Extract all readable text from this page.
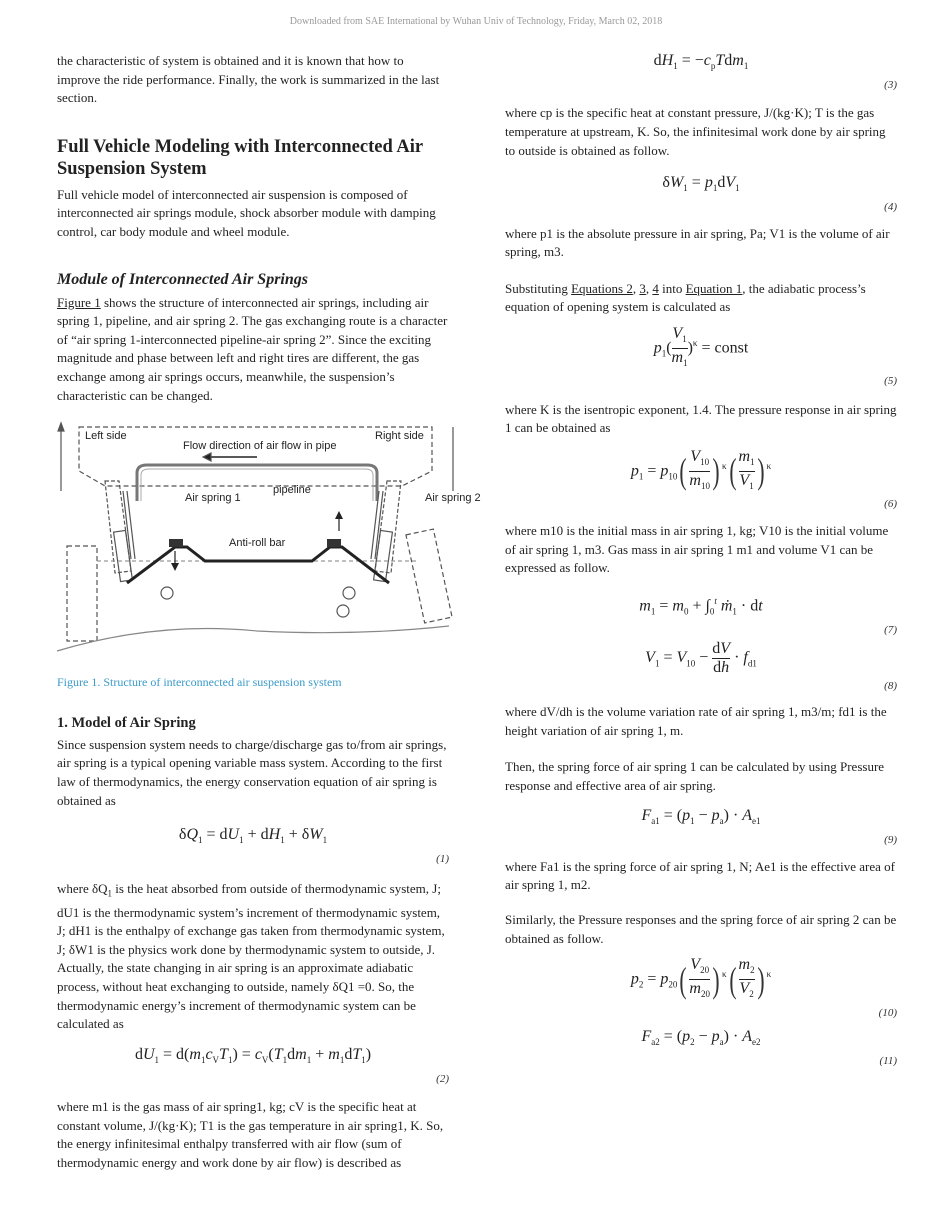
Downloaded from SAE International by Wuhan Univ of Technology, Friday, March 02, 2018

the characteristic of system is obtained and it is known that how to improve the ride performance. Finally, the work is summarized in the last section.

Full Vehicle Modeling with Interconnected Air Suspension System

Full vehicle model of interconnected air suspension is composed of interconnected air springs module, shock absorber module with damping control, car body module and wheel module.

Module of Interconnected Air Springs

Figure 1 shows the structure of interconnected air springs, including air spring 1, pipeline, and air spring 2. The gas exchanging route is a character of “air spring 1-interconnected pipeline-air spring 2”. Since the exciting magnitude and phase between left and right tires are different, the gas exchange among air springs occurs, meanwhile, the suspension’s characteristic can be changed.

Left side	Right side
Flow direction of air flow in pipe
pipeline
Air spring 1	Air spring 2
Anti-roll bar

Figure 1. Structure of interconnected air suspension system

1. Model of Air Spring

Since suspension system needs to charge/discharge gas to/from air springs, air spring is a typical opening variable mass system. According to the first law of thermodynamics, the energy conservation equation of air spring is obtained as

$\delta Q_1 = dU_1 + dH_1 + \delta W_1$
(1)

where $\delta Q_1$ is the heat absorbed from outside of thermodynamic system, J; dU1 is the thermodynamic system’s increment of thermodynamic system, J; dH1 is the enthalpy of exchange gas taken from thermodynamic system, J; δW1 is the physics work done by thermodynamic system to outside, J. Actually, the state changing in air spring is an approximate adiabatic process, without heat exchanging to outside, namely δQ1 =0. So, the thermodynamic energy’s increment of thermodynamic system can be calculated as

$dU_1 = d(m_1c_VT_1) = c_V(T_1dm_1 + m_1dT_1)$
(2)

where m1 is the gas mass of air spring1, kg; cV is the specific heat at constant volume, J/(kg·K); T1 is the gas temperature in air spring1, K. So, the energy infinitesimal enthalpy transferred with air flow (sum of thermodynamic energy and work done by air flow) is described as

$dH_1 = -c_pTdm_1$
(3)

where cp is the specific heat at constant pressure, J/(kg·K); T is the gas temperature at upstream, K. So, the infinitesimal work done by air spring to outside is obtained as follow.

$\delta W_1 = p_1dV_1$
(4)

where p1 is the absolute pressure in air spring, Pa; V1 is the volume of air spring, m3.

Substituting Equations 2, 3, 4 into Equation 1, the adiabatic process’s equation of opening system is calculated as

$p_1( \frac{V_1}{m_1} )^\kappa$ = const
(5)

where K is the isentropic exponent, 1.4. The pressure response in air spring 1 can be obtained as

$p_1 = p_{10}( \frac{V_{10}}{m_{10}}$ ) $^\kappa( \frac{m_1}{V_1}$ ) $^\kappa$
(6)

where m10 is the initial mass in air spring 1, kg; V10 is the initial volume of air spring 1, m3. Gas mass in air spring 1 m1 and volume V1 can be expressed as follow.

$m_1 = m_0 + \int_0^t$ ṁ$_1$ · dt
(7)
$V_1 = V_{10} - \frac{dV}{dh} \cdot f_{d1}$
(8)

where dV/dh is the volume variation rate of air spring 1, m3/m; fd1 is the height variation of air spring 1, m.

Then, the spring force of air spring 1 can be calculated by using Pressure response and effective area of air spring.

$F_{a1} = (p_1 - p_a) \cdot A_{e1}$
(9)

where Fa1 is the spring force of air spring 1, N; Ae1 is the effective area of air spring 1, m2.

Similarly, the Pressure responses and the spring force of air spring 2 can be obtained as follow.

$p_2 = p_{20}( \frac{V_{20}}{m_{20}}$ ) $^\kappa( \frac{m_2}{V_2}$ ) $^\kappa$
(10)
$F_{a2} = (p_2 - p_a) \cdot A_{e2}$
(11)
